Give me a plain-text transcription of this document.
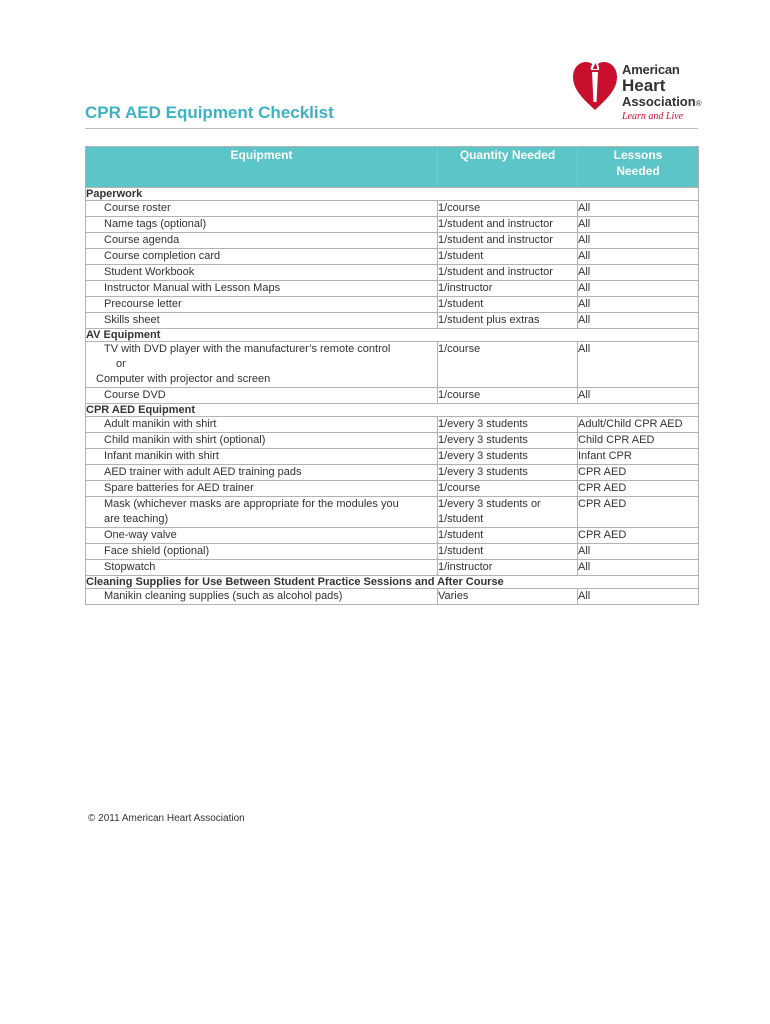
American
Heart
Association®
Learn and Live
CPR AED Equipment Checklist
Equipment	Quantity Needed	Lessons
Needed
Paperwork		
Course roster	1/course	All
Name tags (optional)	1/student and instructor	All
Course agenda	1/student and instructor	All
Course completion card	1/student	All
Student Workbook	1/student and instructor	All
Instructor Manual with Lesson Maps	1/instructor	All
Precourse letter	1/student	All
Skills sheet	1/student plus extras	All
AV Equipment		

TV with DVD player with the manufacturer’s remote control
or
Computer with projector and screen	1/course	All
Course DVD	1/course	All
CPR AED Equipment		
Adult manikin with shirt	1/every 3 students	Adult/Child CPR AED
Child manikin with shirt (optional)	1/every 3 students	Child CPR AED
Infant manikin with shirt	1/every 3 students	Infant CPR
AED trainer with adult AED training pads	1/every 3 students	CPR AED
Spare batteries for AED trainer	1/course	CPR AED

Mask (whichever masks are appropriate for the modules you
are teaching)	1/every 3 students or
1/student	CPR AED
One-way valve	1/student	CPR AED
Face shield (optional)	1/student	All
Stopwatch	1/instructor	All
Cleaning Supplies for Use Between Student Practice Sessions and After Course		
Manikin cleaning supplies (such as alcohol pads)	Varies	All
© 2011 American Heart Association
